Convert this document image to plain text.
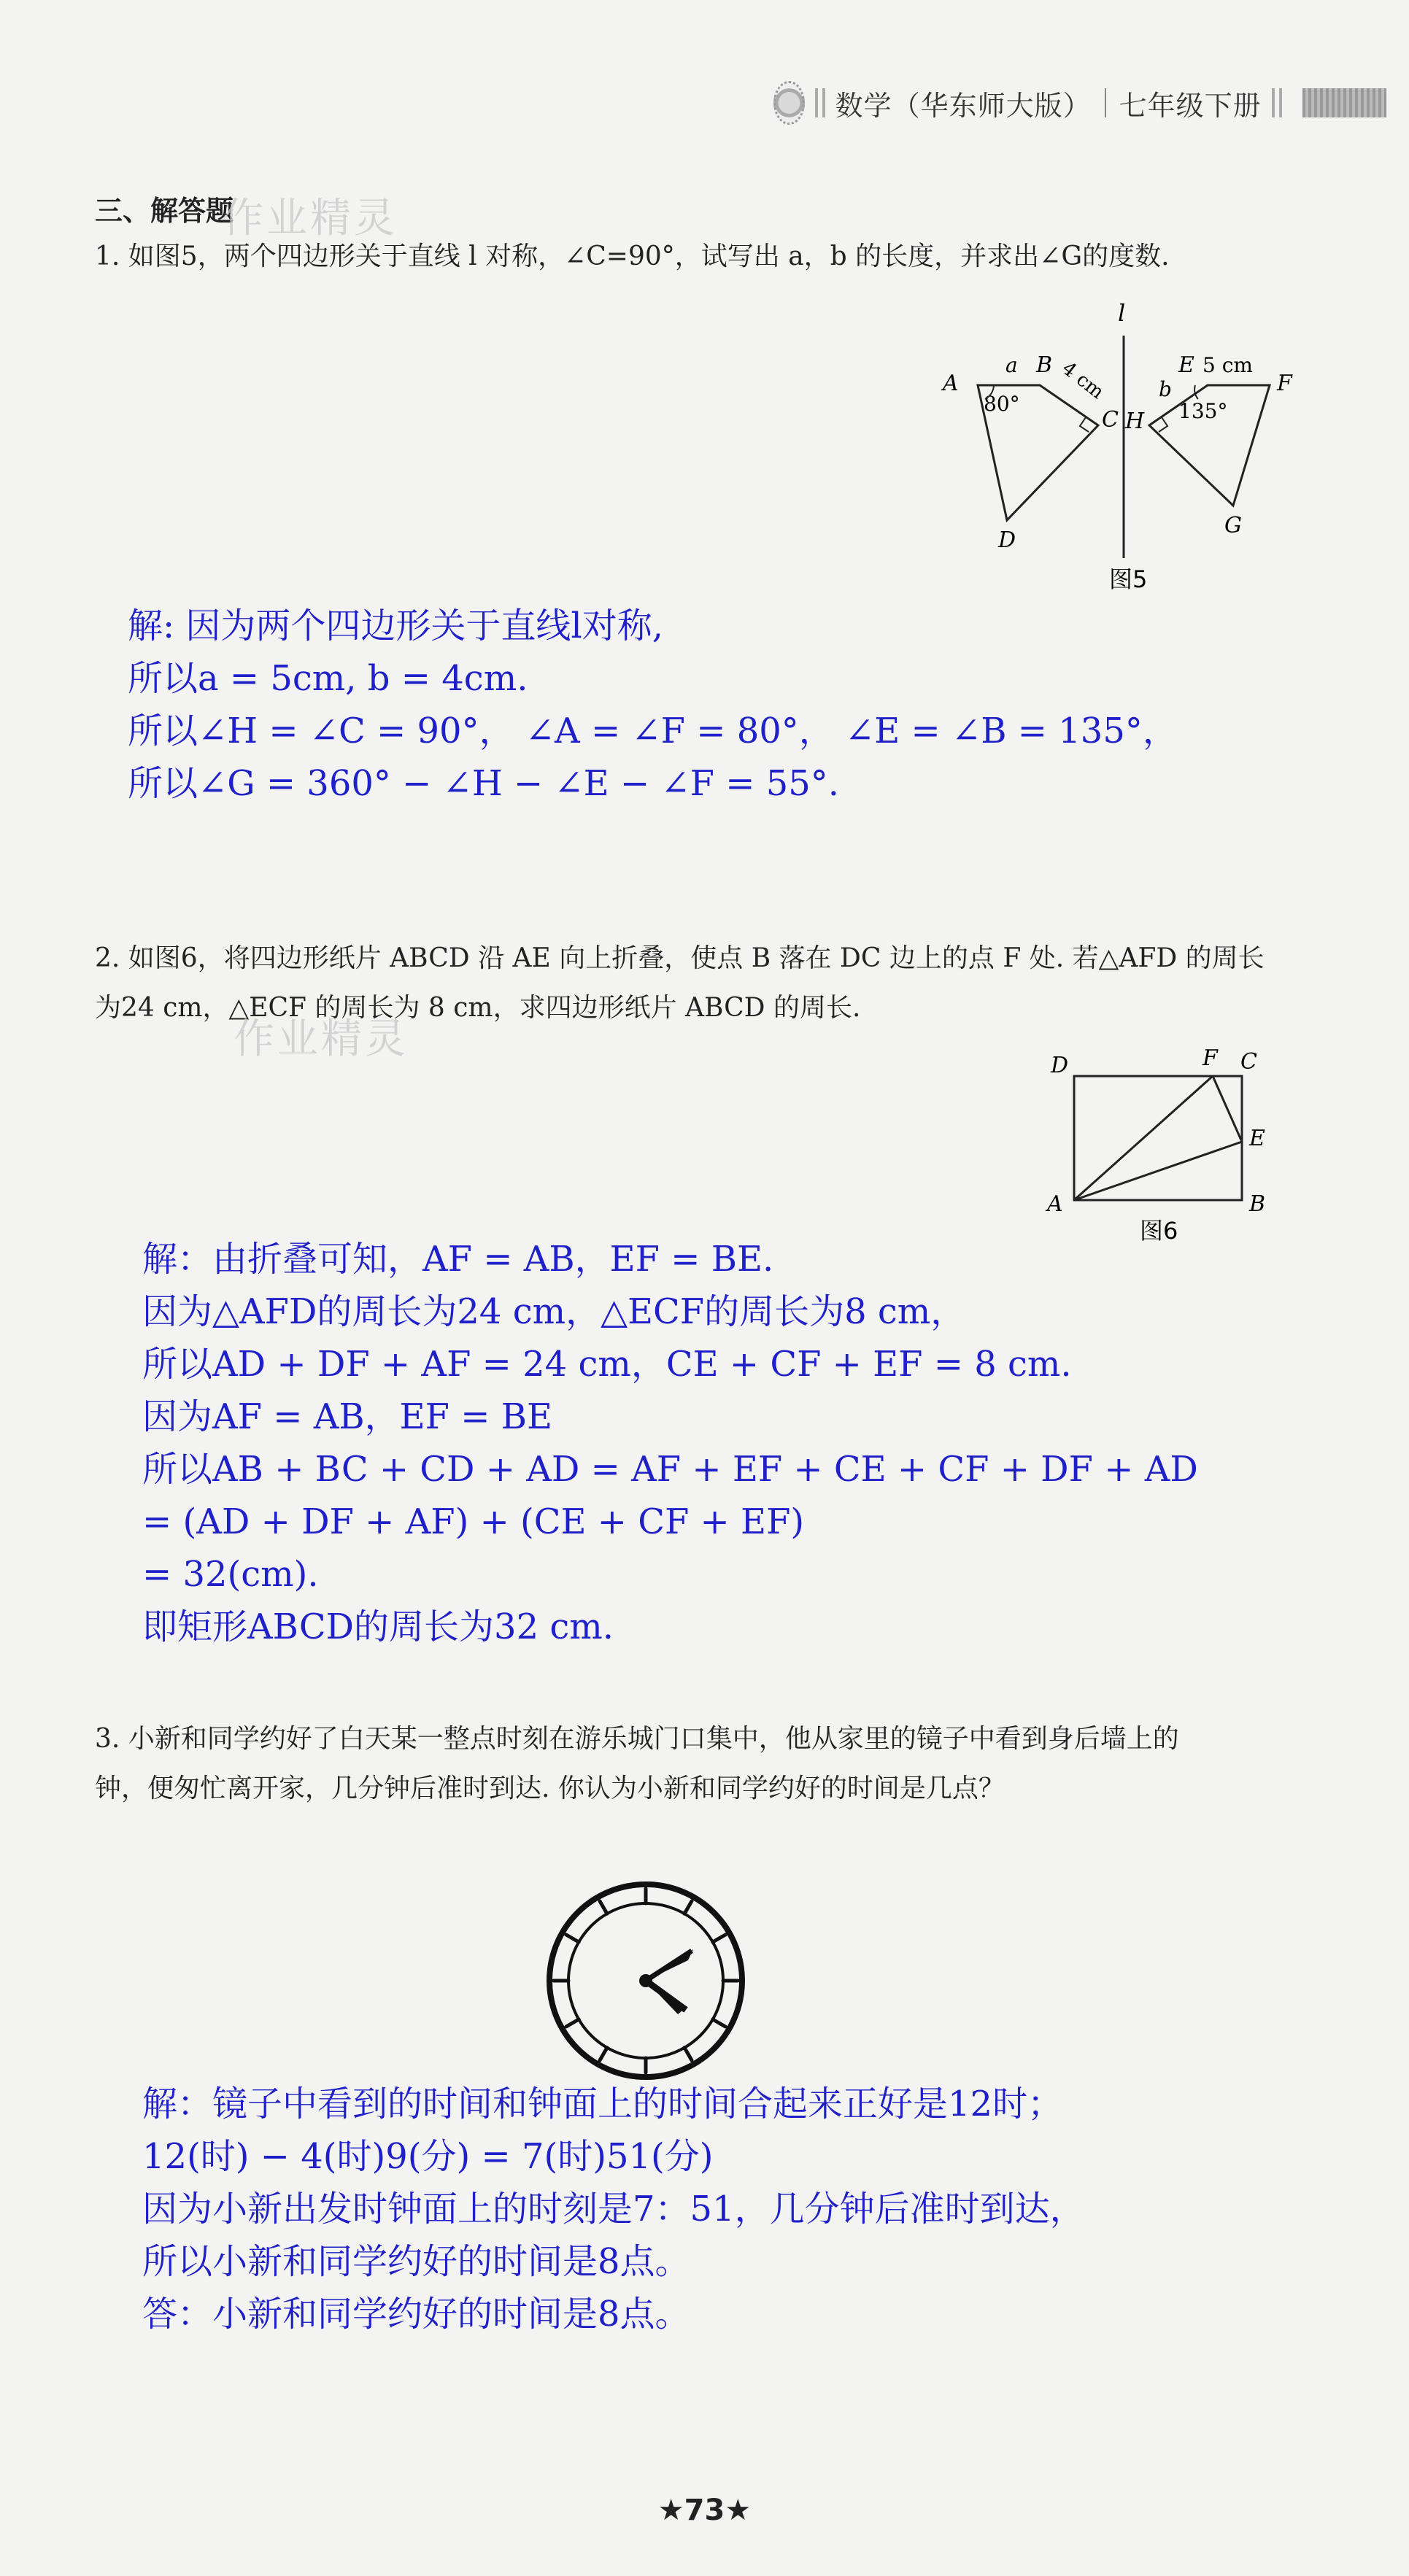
数学（华东师大版） 七年级下册
三、解答题
作业精灵
1. 如图5，两个四边形关于直线 l 对称，∠C=90°，试写出 a，b 的长度，并求出∠G的度数.
l
A
a B 4 cm
C
D
80°
E 5 cm
F
b
H 135°
G
图5
解: 因为两个四边形关于直线l对称,
所以a = 5cm, b = 4cm.
所以∠H = ∠C = 90°， ∠A = ∠F = 80°， ∠E = ∠B = 135°，
所以∠G = 360° − ∠H − ∠E − ∠F = 55°.
2. 如图6，将四边形纸片 ABCD 沿 AE 向上折叠，使点 B 落在 DC 边上的点 F 处. 若△AFD 的周长
为24 cm，△ECF 的周长为 8 cm，求四边形纸片 ABCD 的周长.
作业精灵
D	F C
E
A	B
图6
解：由折叠可知，AF = AB，EF = BE.
因为△AFD的周长为24 cm，△ECF的周长为8 cm，
所以AD + DF + AF = 24 cm，CE + CF + EF = 8 cm.
因为AF = AB，EF = BE
所以AB + BC + CD + AD = AF + EF + CE + CF + DF + AD
= (AD + DF + AF) + (CE + CF + EF)
= 32(cm).
即矩形ABCD的周长为32 cm.
3. 小新和同学约好了白天某一整点时刻在游乐城门口集中，他从家里的镜子中看到身后墙上的
钟，便匆忙离开家，几分钟后准时到达. 你认为小新和同学约好的时间是几点？
解：镜子中看到的时间和钟面上的时间合起来正好是12时；
12(时) − 4(时)9(分) = 7(时)51(分)
因为小新出发时钟面上的时刻是7：51，几分钟后准时到达，
所以小新和同学约好的时间是8点。
答：小新和同学约好的时间是8点。
★73★
